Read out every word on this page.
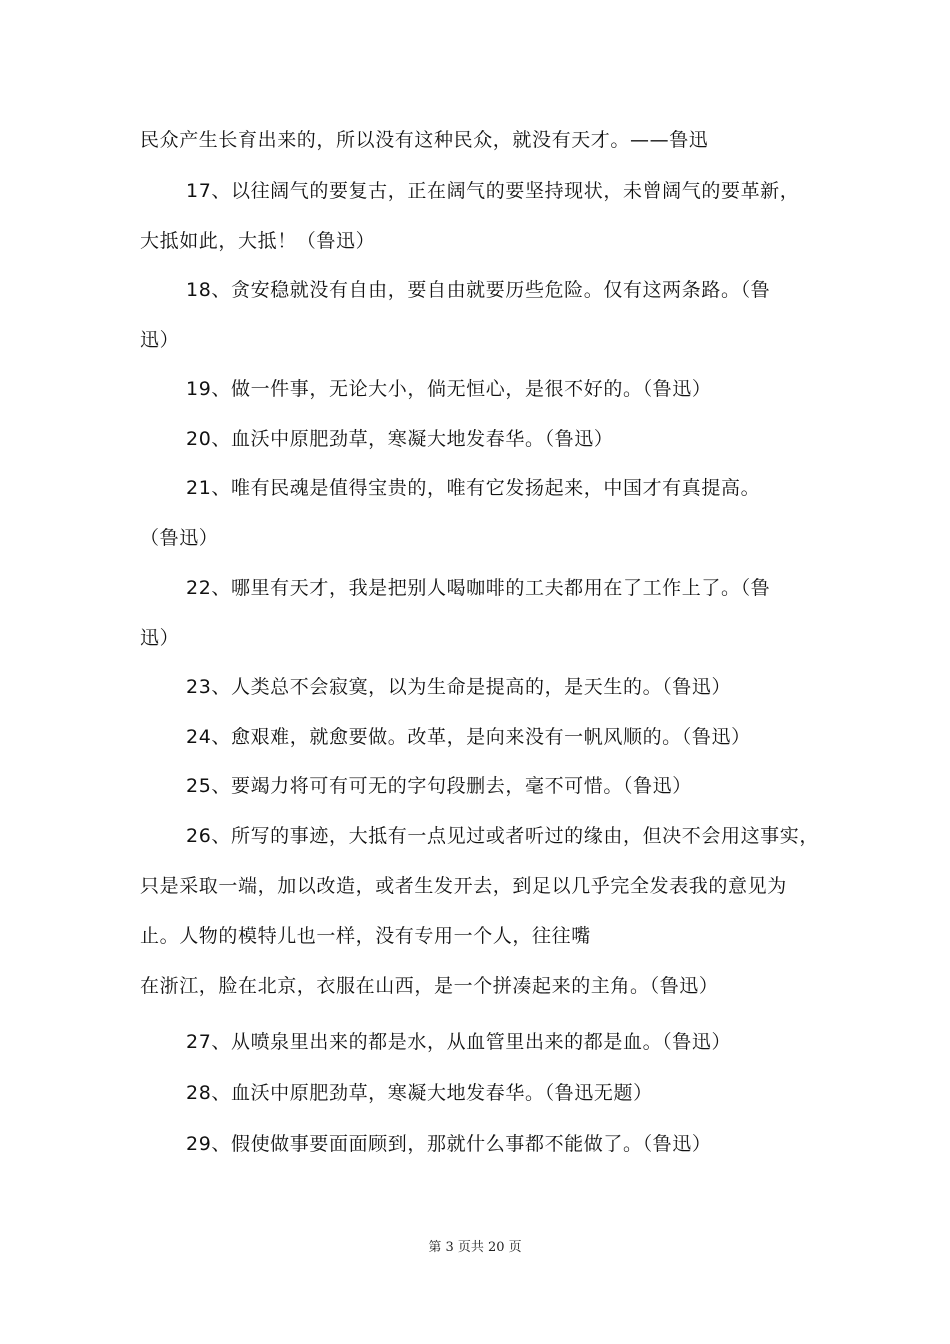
民众产生长育出来的，所以没有这种民众，就没有天才。——鲁迅
17、以往阔气的要复古，正在阔气的要坚持现状，未曾阔气的要革新，
大抵如此，大抵！（鲁迅）
18、贪安稳就没有自由，要自由就要历些危险。仅有这两条路。（鲁
迅）
19、做一件事，无论大小，倘无恒心，是很不好的。（鲁迅）
20、血沃中原肥劲草，寒凝大地发春华。（鲁迅）
21、唯有民魂是值得宝贵的，唯有它发扬起来，中国才有真提高。
（鲁迅）
22、哪里有天才，我是把别人喝咖啡的工夫都用在了工作上了。（鲁
迅）
23、人类总不会寂寞，以为生命是提高的，是天生的。（鲁迅）
24、愈艰难，就愈要做。改革，是向来没有一帆风顺的。（鲁迅）
25、要竭力将可有可无的字句段删去，毫不可惜。（鲁迅）
26、所写的事迹，大抵有一点见过或者听过的缘由，但决不会用这事实，
只是采取一端，加以改造，或者生发开去，到足以几乎完全发表我的意见为
止。人物的模特儿也一样，没有专用一个人，往往嘴
在浙江，脸在北京，衣服在山西，是一个拼凑起来的主角。（鲁迅）
27、从喷泉里出来的都是水，从血管里出来的都是血。（鲁迅）
28、血沃中原肥劲草，寒凝大地发春华。（鲁迅无题）
29、假使做事要面面顾到，那就什么事都不能做了。（鲁迅）
第 3 页共 20 页
